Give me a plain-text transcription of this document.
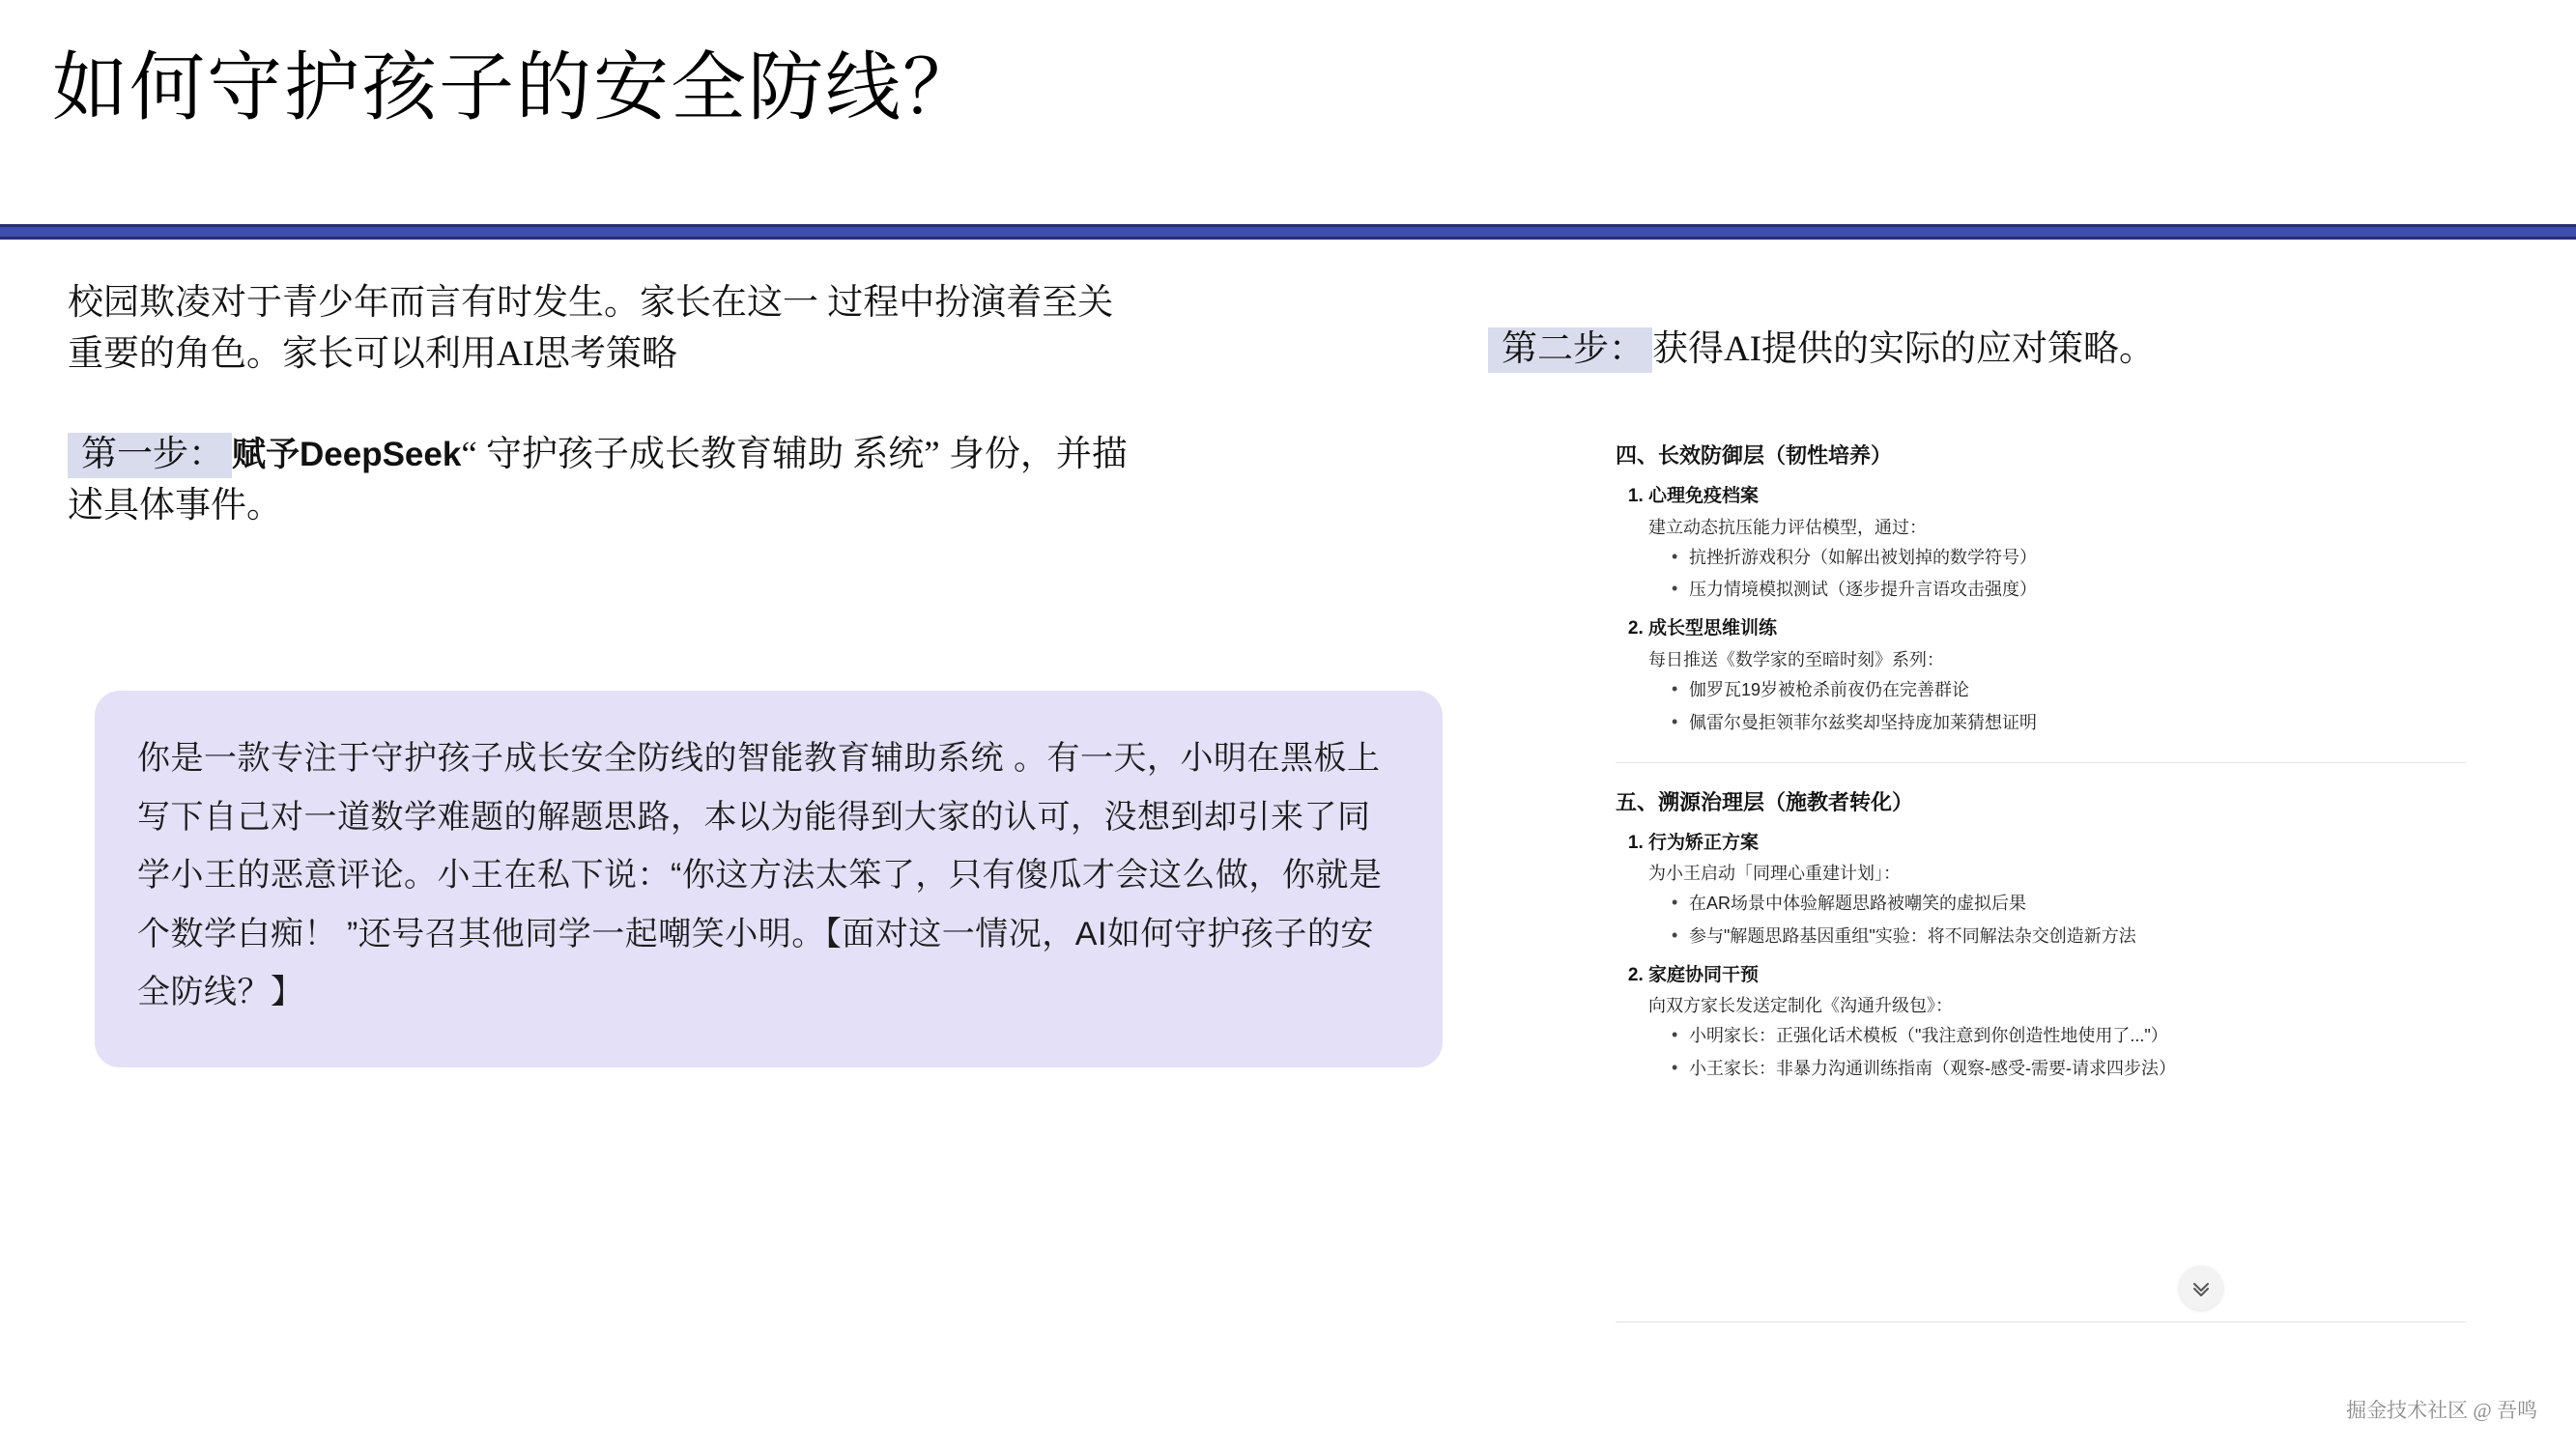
如何守护孩子的安全防线？
校园欺凌对于青少年而言有时发生。家长在这一 过程中扮演着至关重要的角色。家长可以利用AI思考策略
第一步： 赋予DeepSeek“ 守护孩子成长教育辅助 系统” 身份，并描述具体事件。
你是一款专注于守护孩子成长安全防线的智能教育辅助系统 。有一天，小明在黑板上写下自己对一道数学难题的解题思路，本以为能得到大家的认可，没想到却引来了同学小王的恶意评论。小王在私下说：“你这方法太笨了，只有傻瓜才会这么做，你就是个数学白痴！ ”还号召其他同学一起嘲笑小明。【面对这一情况，AI如何守护孩子的安全防线？】
第二步： 获得AI提供的实际的应对策略。
四、长效防御层（韧性培养）
1. 心理免疫档案
建立动态抗压能力评估模型，通过：
• 抗挫折游戏积分（如解出被划掉的数学符号）
• 压力情境模拟测试（逐步提升言语攻击强度）
2. 成长型思维训练
每日推送《数学家的至暗时刻》系列：
• 伽罗瓦19岁被枪杀前夜仍在完善群论
• 佩雷尔曼拒领菲尔兹奖却坚持庞加莱猜想证明
五、溯源治理层（施教者转化）
1. 行为矫正方案
为小王启动「同理心重建计划」：
• 在AR场景中体验解题思路被嘲笑的虚拟后果
• 参与"解题思路基因重组"实验：将不同解法杂交创造新方法
2. 家庭协同干预
向双方家长发送定制化《沟通升级包》：
• 小明家长：正强化话术模板（"我注意到你创造性地使用了..."）
• 小王家长：非暴力沟通训练指南（观察-感受-需要-请求四步法）
掘金技术社区 @ 吾鸣
